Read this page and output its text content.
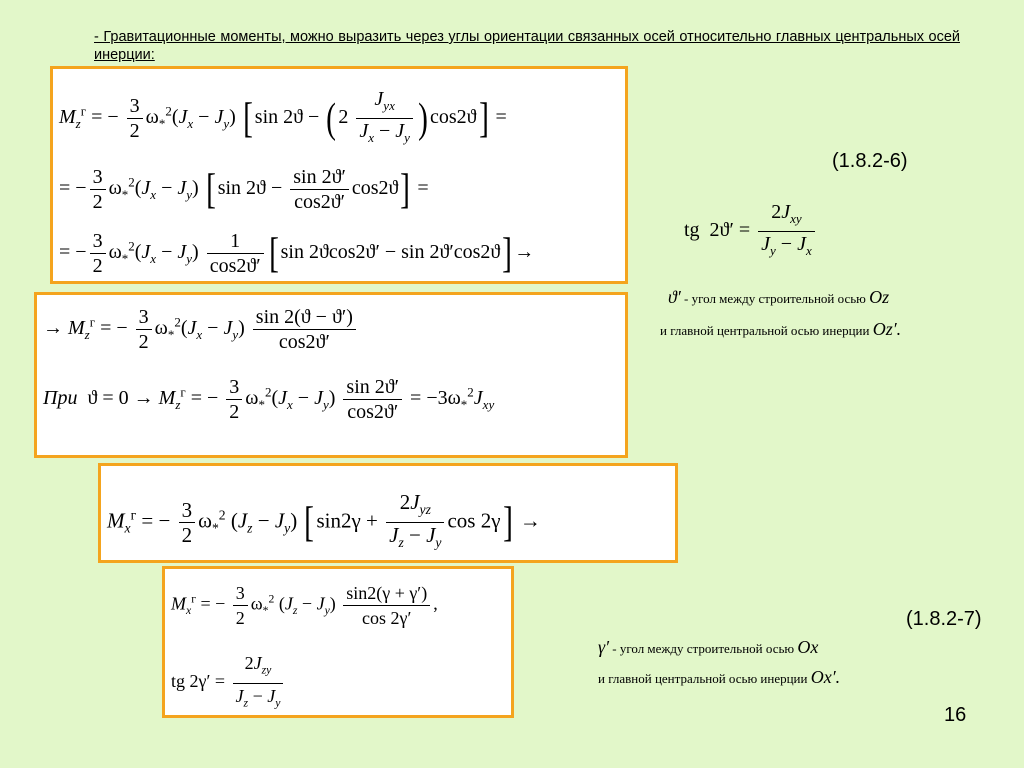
- Гравитационные моменты, можно выразить через углы ориентации связанных осей относительно главных центральных осей инерции:
$M_z^г$ = − $\frac{3}{2} \omega_*^2(J_x - J_y)$ [ sin 2ϑ − ( $2 \frac{J_{yx}}{J_x - J_y}$ ) cos2ϑ] =
= − $\frac{3}{2} \omega_*^2(J_x - J_y)$ [ $\sin 2ϑ - \frac{\sin 2ϑ'}{\cos 2ϑ'} \cos 2ϑ$] =
= − $\frac{3}{2} \omega_*^2(J_x - J_y) \frac{1}{\cos 2ϑ'}$ [ sin 2ϑcos2ϑ′ − sin 2ϑ′cos2ϑ] →
→ $M_z^г$ = − $\frac{3}{2} \omega_*^2(J_x - J_y) \frac{\sin 2(ϑ - ϑ')}{\cos 2ϑ'}$
При  $ϑ = 0 \to M_z^г$ = − $\frac{3}{2} \omega_*^2(J_x - J_y) \frac{\sin 2ϑ'}{\cos 2ϑ'} = -3\omega_*^2J_{xy}$
$M_x^г$ = − $\frac{3}{2} \omega_*^2$ $(J_z - J_y) [\sin 2\gamma + \frac{2J_{yz}}{J_z - J_y}$ cos 2γ] →
$M_x^г$ = − $\frac{3}{2} \omega_*^2$ $(J_z - J_y) \frac{\sin 2(\gamma + \gamma')}{\cos 2\gamma'}$ ,
tg $2\gamma' = \frac{2J_{zy}}{J_z - J_y}$
(1.8.2-6)
(1.8.2-7)
tg  $2ϑ' = \frac{2J_{xy}}{J_y - J_x}$
ϑ′ - угол между строительной осью Oz
и главной центральной осью инерции Oz′.
γ′ - угол между строительной осью Ox
и главной центральной осью инерции Ox′.
16
